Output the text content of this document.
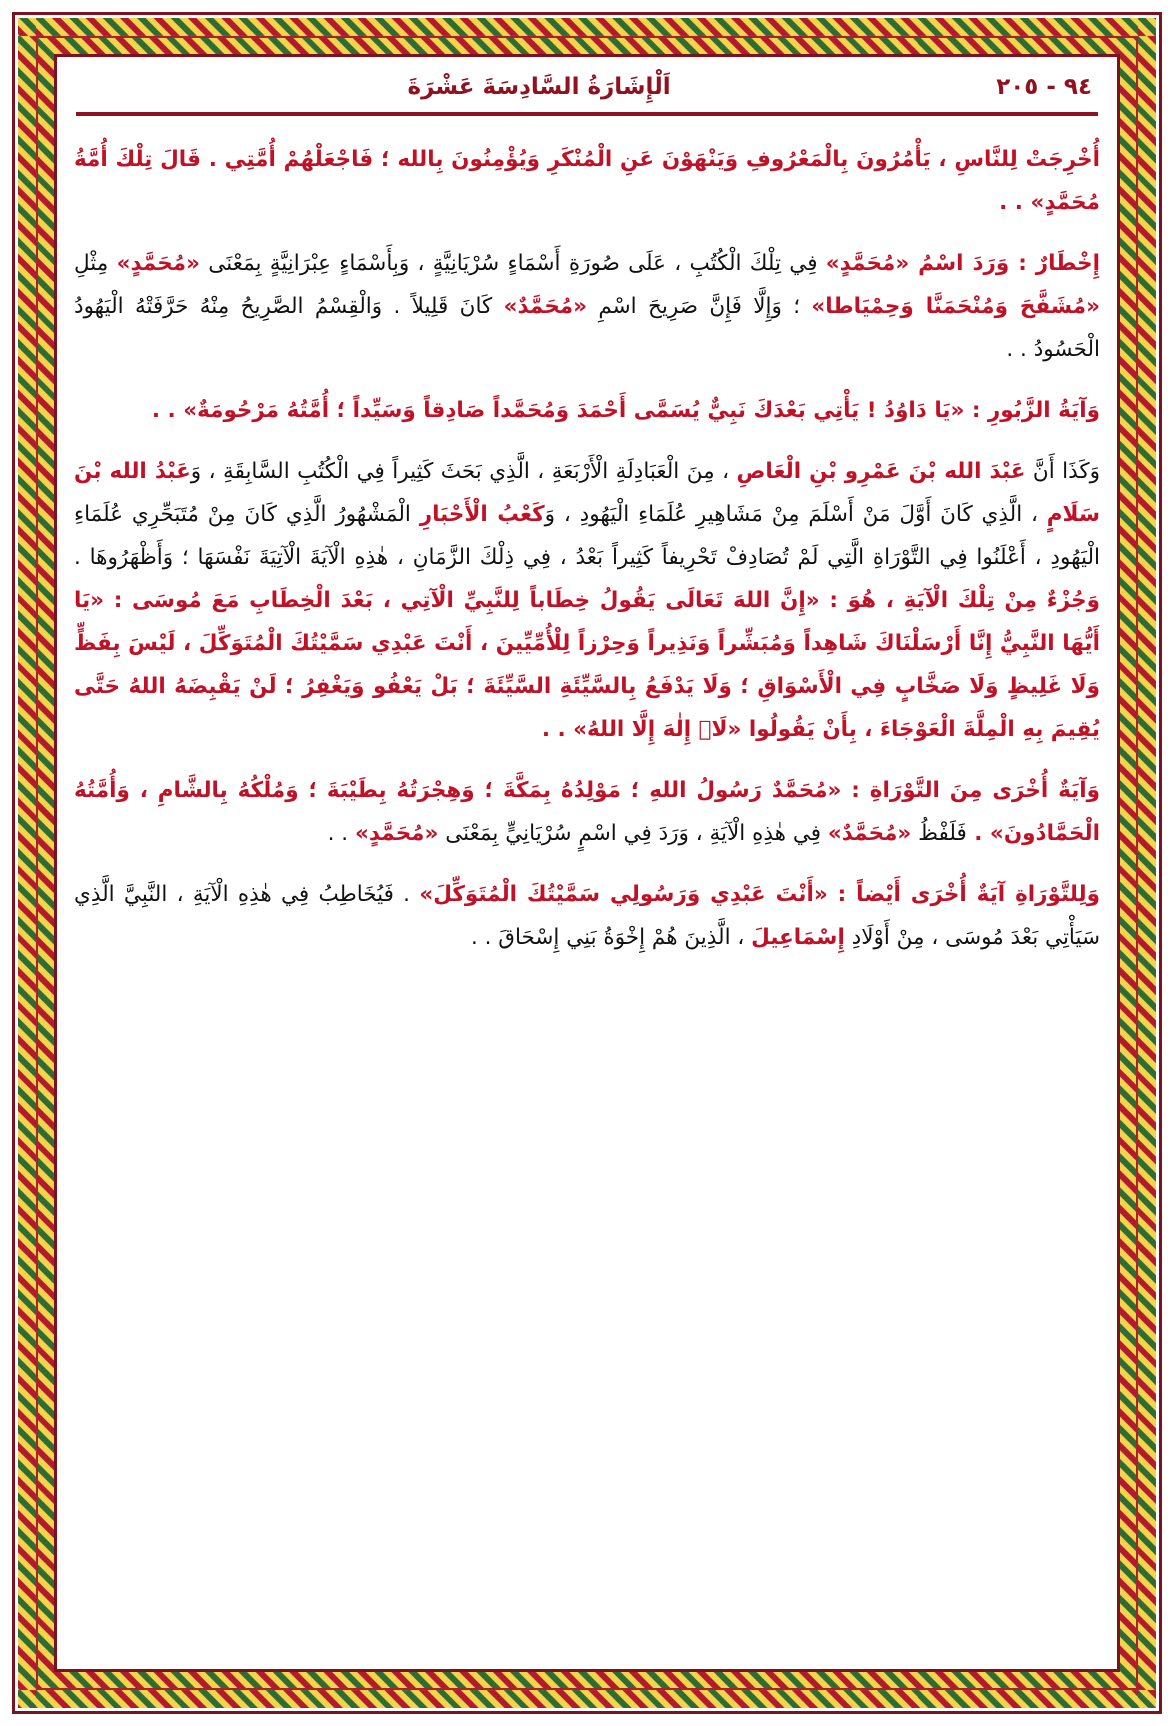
٩٤ - ٢٠٥
اَلْإِشَارَةُ السَّادِسَةَ عَشْرَةَ

أُخْرِجَتْ لِلنَّاسِ ، يَأْمُرُونَ بِالْمَعْرُوفِ وَيَنْهَوْنَ عَنِ الْمُنْكَرِ وَيُؤْمِنُونَ بِالله ؛ فَاجْعَلْهُمْ أُمَّتِي . قَالَ تِلْكَ أُمَّةُ مُحَمَّدٍ» . .

إِخْطَارٌ : وَرَدَ اسْمُ «مُحَمَّدٍ» فِي تِلْكَ الْكُتُبِ ، عَلَى صُورَةِ أَسْمَاءٍ سُرْيَانِيَّةٍ ، وَبِأَسْمَاءٍ عِبْرَانِيَّةٍ بِمَعْنَى «مُحَمَّدٍ» مِثْلِ «مُشَفَّحَ وَمُنْحَمَنَّا وَحِمْيَاطا» ؛ وَإِلَّا فَإِنَّ صَرِيحَ اسْمِ «مُحَمَّدٌ» كَانَ قَلِيلاً . وَالْقِسْمُ الصَّرِيحُ مِنْهُ حَرَّفَتْهُ الْيَهُودُ الْحَسُودُ . .

وَآيَةُ الزَّبُورِ : «يَا دَاوُدُ ! يَأْتِي بَعْدَكَ نَبِيٌّ يُسَمَّى أَحْمَدَ وَمُحَمَّداً صَادِقاً وَسَيِّداً ؛ أُمَّتُهُ مَرْحُومَةٌ» . .

وَكَذَا أَنَّ عَبْدَ الله بْنَ عَمْرِو بْنِ الْعَاصِ ، مِنَ الْعَبَادِلَةِ الْأَرْبَعَةِ ، الَّذِي بَحَثَ كَثِيراً فِي الْكُتُبِ السَّابِقَةِ ، وَعَبْدُ الله بْنَ سَلَامٍ ، الَّذِي كَانَ أَوَّلَ مَنْ أَسْلَمَ مِنْ مَشَاهِيرِ عُلَمَاءِ الْيَهُودِ ، وَكَعْبُ الْأَحْبَارِ الْمَشْهُورُ الَّذِي كَانَ مِنْ مُتَبَحِّرِي عُلَمَاءِ الْيَهُودِ ، أَعْلَنُوا فِي التَّوْرَاةِ الَّتِي لَمْ تُصَادِفْ تَحْرِيفاً كَثِيراً بَعْدُ ، فِي ذِلْكَ الزَّمَانِ ، هٰذِهِ الْآيَةَ الْآتِيَةَ نَفْسَهَا ؛ وَأَظْهَرُوهَا . وَجُزْءٌ مِنْ تِلْكَ الْآيَةِ ، هُوَ : «إِنَّ اللهَ تَعَالَى يَقُولُ خِطَاباً لِلنَّبِيِّ الْآتِي ، بَعْدَ الْخِطَابِ مَعَ مُوسَى : «يَا أَيُّهَا النَّبِيُّ إِنَّا أَرْسَلْنَاكَ شَاهِداً وَمُبَشِّراً وَنَذِيراً وَحِرْزاً لِلْأُمِّيِّينَ ، أَنْتَ عَبْدِي سَمَّيْتُكَ الْمُتَوَكِّلَ ، لَيْسَ بِفَظٍّ وَلَا غَلِيظٍ وَلَا صَخَّابٍ فِي الْأَسْوَاقِ ؛ وَلَا يَدْفَعُ بِالسَّيِّئَةِ السَّيِّئَةَ ؛ بَلْ يَعْفُو وَيَغْفِرُ ؛ لَنْ يَقْبِضَهُ اللهُ حَتَّى يُقِيمَ بِهِ الْمِلَّةَ الْعَوْجَاءَ ، بِأَنْ يَقُولُوا «لَاۤ إِلٰهَ إِلَّا اللهُ» . .

وَآيَةٌ أُخْرَى مِنَ التَّوْرَاةِ : «مُحَمَّدٌ رَسُولُ اللهِ ؛ مَوْلِدُهُ بِمَكَّةَ ؛ وَهِجْرَتُهُ بِطَيْبَةَ ؛ وَمُلْكُهُ بِالشَّامِ ، وَأُمَّتُهُ الْحَمَّادُونَ» . فَلَفْظُ «مُحَمَّدٌ» فِي هٰذِهِ الْآيَةِ ، وَرَدَ فِي اسْمٍ سُرْيَانِيٍّ بِمَعْنَى «مُحَمَّدٍ» . .

وَلِلتَّوْرَاةِ آيَةٌ أُخْرَى أَيْضاً : «أَنْتَ عَبْدِي وَرَسُولِي سَمَّيْتُكَ الْمُتَوَكِّلَ» . فَيُخَاطِبُ فِي هٰذِهِ الْآيَةِ ، النَّبِيَّ الَّذِي سَيَأْتِي بَعْدَ مُوسَى ، مِنْ أَوْلَادِ إِسْمَاعِيلَ ، الَّذِينَ هُمْ إِخْوَةُ بَنِي إِسْحَاقَ . .
